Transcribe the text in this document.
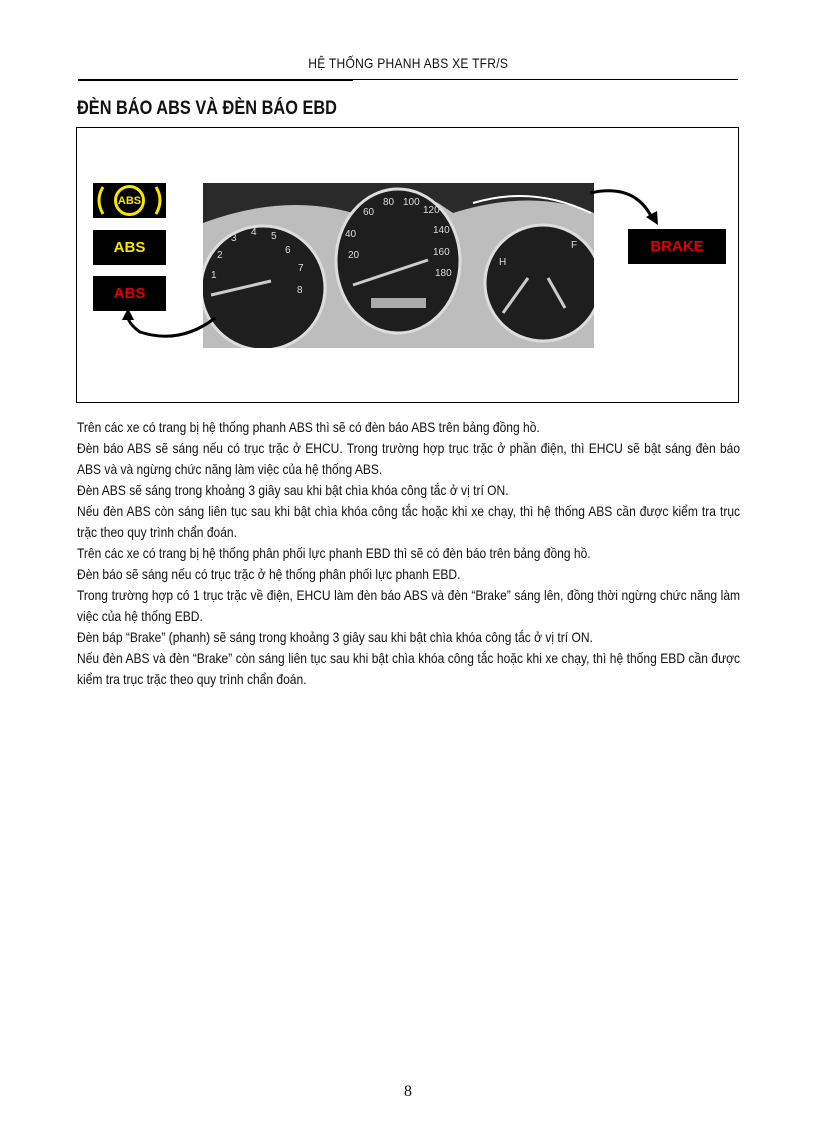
HỆ THỐNG PHANH ABS XE TFR/S
ĐÈN BÁO ABS VÀ ĐÈN BÁO EBD
ABS
ABS
ABS
BRAKE
1
2
3
4 5
6
7
8
20
40
60
80 100
120
140
160
180
H
F

Trên các xe có trang bị hệ thống phanh ABS thì sẽ có đèn báo ABS trên bảng đồng hồ.

Đèn báo ABS sẽ sáng nếu có trục trặc ở EHCU. Trong trường hợp trục trặc ở phần điện, thì EHCU sẽ bật sáng đèn báo ABS và và ngừng chức năng làm việc của hệ thống ABS.

Đèn ABS sẽ sáng trong khoảng 3 giây sau khi bật chìa khóa công tắc ở vị trí ON.

Nếu đèn ABS còn sáng liên tục sau khi bật chìa khóa công tắc hoặc khi xe chạy, thì hệ thống ABS cần được kiểm tra trục trặc theo quy trình chẩn đoán.

Trên các xe có trang bị hệ thống phân phối lực phanh EBD thì sẽ có đèn báo trên bảng đồng hồ.

Đèn báo sẽ sáng nếu có trục trặc ở hệ thống phân phối lực phanh EBD.

Trong trường hợp có 1 trục trặc về điện, EHCU làm đèn báo ABS và đèn “Brake” sáng lên, đồng thời ngừng chức năng làm việc của hệ thống EBD.

Đèn báp “Brake” (phanh) sẽ sáng trong khoảng 3 giây sau khi bật chìa khóa công tắc ở vị trí ON.

Nếu đèn ABS và đèn “Brake” còn sáng liên tục sau khi bật chìa khóa công tắc hoặc khi xe chạy, thì hệ thống EBD cần được kiểm tra trục trặc theo quy trình chẩn đoán.

8
